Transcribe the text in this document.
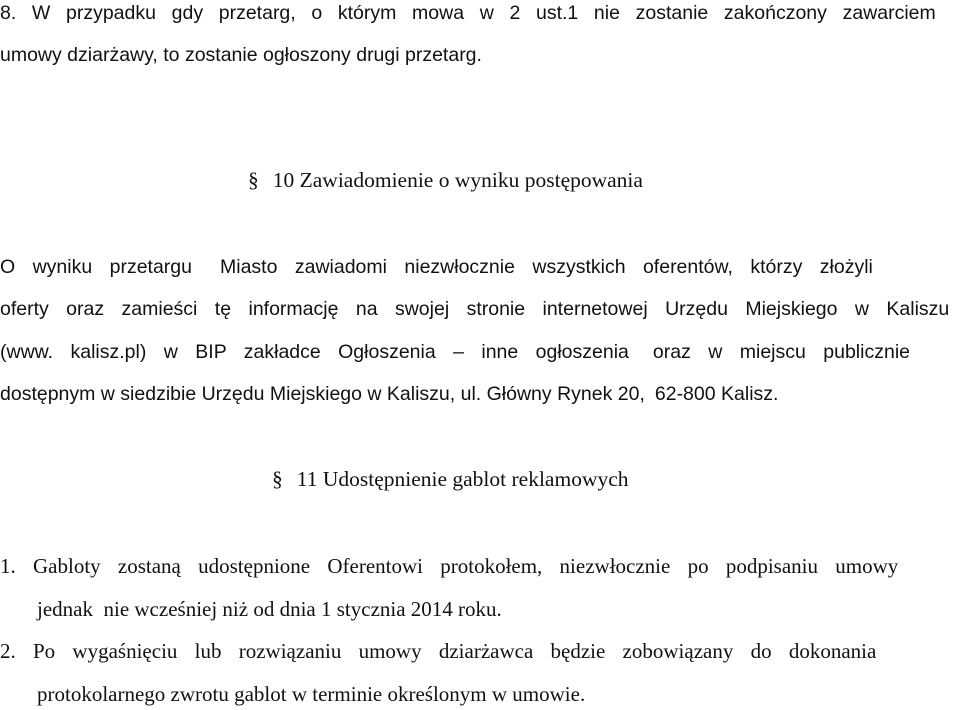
8. W przypadku gdy przetarg, o którym mowa w 2 ust.1 nie zostanie zakończony zawarciem
umowy dziarżawy, to zostanie ogłoszony drugi przetarg.
§ 10 Zawiadomienie o wyniku postępowania
O wyniku przetargu Miasto zawiadomi niezwłocznie wszystkich oferentów, którzy złożyli
oferty oraz zamieści tę informację na swojej stronie internetowej Urzędu Miejskiego w Kaliszu
(www. kalisz.pl) w BIP zakładce Ogłoszenia – inne ogłoszenia oraz w miejscu publicznie
dostępnym w siedzibie Urzędu Miejskiego w Kaliszu, ul. Główny Rynek 20, 62-800 Kalisz.
§ 11 Udostępnienie gablot reklamowych
1. Gabloty zostaną udostępnione Oferentowi protokołem, niezwłocznie po podpisaniu umowy
jednak nie wcześniej niż od dnia 1 stycznia 2014 roku.
2. Po wygaśnięciu lub rozwiązaniu umowy dziarżawca będzie zobowiązany do dokonania
protokolarnego zwrotu gablot w terminie określonym w umowie.
